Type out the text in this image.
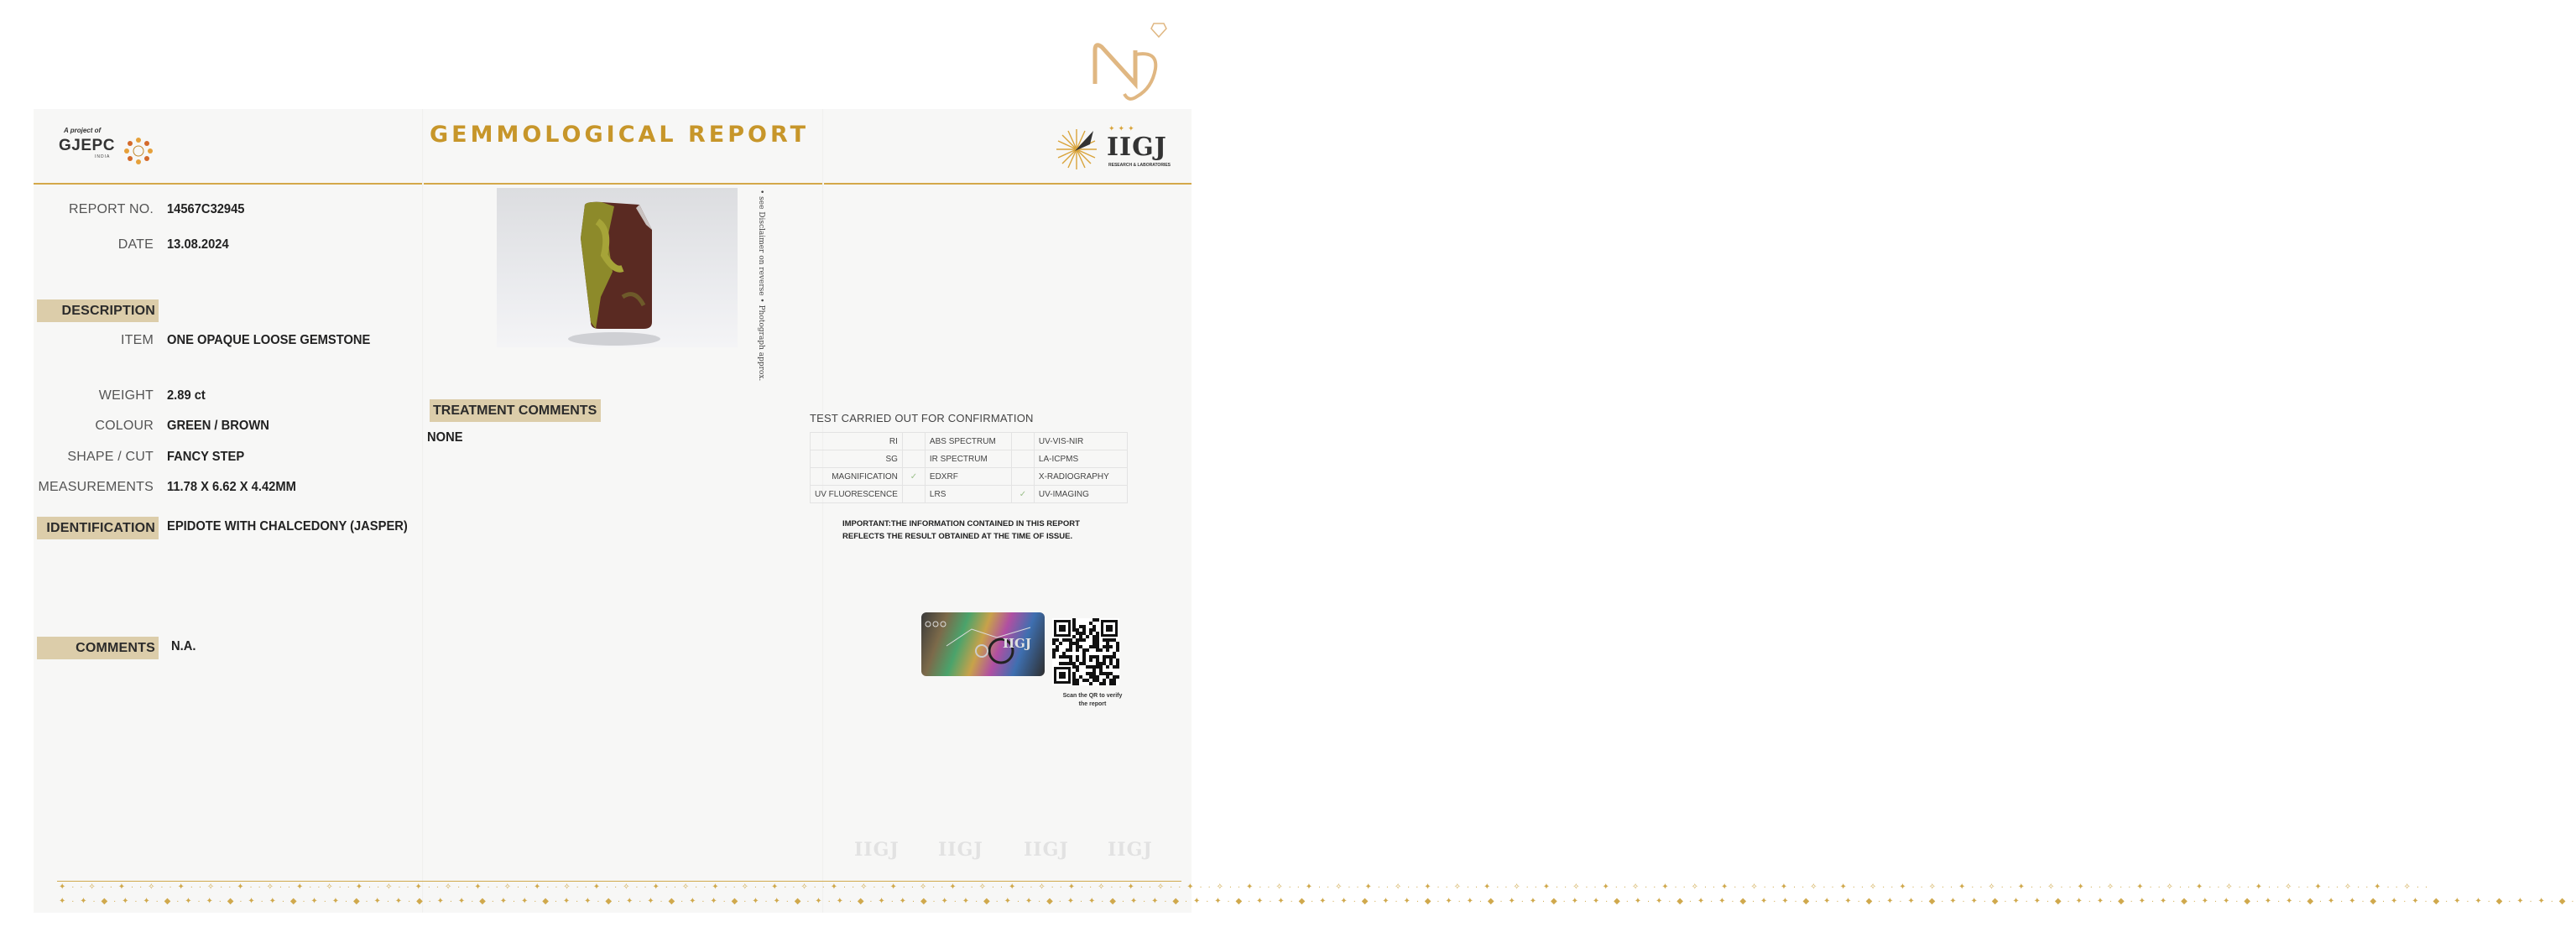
A project of
GJEPC
INDIA
GEMMOLOGICAL REPORT	IIGJ
✦✦✦
RESEARCH & LABORATORIES
REPORT NO. 14567C32945
DATE 13.08.2024
DESCRIPTION
ITEM ONE OPAQUE LOOSE GEMSTONE
WEIGHT 2.89 ct
COLOUR GREEN / BROWN
SHAPE / CUT FANCY STEP
MEASUREMENTS 11.78 X 6.62 X 4.42MM
IDENTIFICATION EPIDOTE WITH CHALCEDONY (JASPER)
COMMENTS N.A.
• see Disclaimer on reverse • Photograph approx.
TREATMENT COMMENTS
NONE
TEST CARRIED OUT FOR CONFIRMATION
RI		ABS SPECTRUM		UV-VIS-NIR
SG		IR SPECTRUM		LA-ICPMS
MAGNIFICATION	✓	EDXRF		X-RADIOGRAPHY
UV FLUORESCENCE		LRS	✓	UV-IMAGING
IMPORTANT:THE INFORMATION CONTAINED IN THIS REPORT REFLECTS THE RESULT OBTAINED AT THE TIME OF ISSUE.
IIGJ
Scan the QR to verify the report
IIGJ IIGJ IIGJ IIGJ
✦ · · ✧ · · ✦ · · ✧ · · ✦ · · ✧ · · ✦ · · ✧ · · ✦ · · ✧ · · ✦ · · ✧ · · ✦ · · ✧ · · ✦ · · ✧ · · ✦ · · ✧ · · ✦ · · ✧ · · ✦ · · ✧ · · ✦ · · ✧ · · ✦ · · ✧ · · ✦ · · ✧ · · ✦ · · ✧ · · ✦ · · ✧ · · ✦ · · ✧ · · ✦ · · ✧ · · ✦ · · ✧ · · ✦ · · ✧ · · ✦ · · ✧ · · ✦ · · ✧ · · ✦ · · ✧ · · ✦ · · ✧ · · ✦ · · ✧ · · ✦ · · ✧ · · ✦ · · ✧ · · ✦ · · ✧ · · ✦ · · ✧ · · ✦ · · ✧ · · ✦ · · ✧ · · ✦ · · ✧ · · ✦ · · ✧ · · ✦ · · ✧ · · ✦ · · ✧ · · ✦ · · ✧ · · ✦ · · ✧ · · ✦ · · ✧ · · ✦ · · ✧ · · ✦ · · ✧ · ·
✦ · ✦ · ◆ · ✦ · ✦ · ◆ · ✦ · ✦ · ◆ · ✦ · ✦ · ◆ · ✦ · ✦ · ◆ · ✦ · ✦ · ◆ · ✦ · ✦ · ◆ · ✦ · ✦ · ◆ · ✦ · ✦ · ◆ · ✦ · ✦ · ◆ · ✦ · ✦ · ◆ · ✦ · ✦ · ◆ · ✦ · ✦ · ◆ · ✦ · ✦ · ◆ · ✦ · ✦ · ◆ · ✦ · ✦ · ◆ · ✦ · ✦ · ◆ · ✦ · ✦ · ◆ · ✦ · ✦ · ◆ · ✦ · ✦ · ◆ · ✦ · ✦ · ◆ · ✦ · ✦ · ◆ · ✦ · ✦ · ◆ · ✦ · ✦ · ◆ · ✦ · ✦ · ◆ · ✦ · ✦ · ◆ · ✦ · ✦ · ◆ · ✦ · ✦ · ◆ · ✦ · ✦ · ◆ · ✦ · ✦ · ◆ · ✦ · ✦ · ◆ · ✦ · ✦ · ◆ · ✦ · ✦ · ◆ · ✦ · ✦ · ◆ · ✦ · ✦ · ◆ · ✦ · ✦ · ◆ · ✦ · ✦ · ◆ · ✦ · ✦ · ◆ · ✦ · ✦ · ◆ · ✦ · ✦ · ◆ ·
